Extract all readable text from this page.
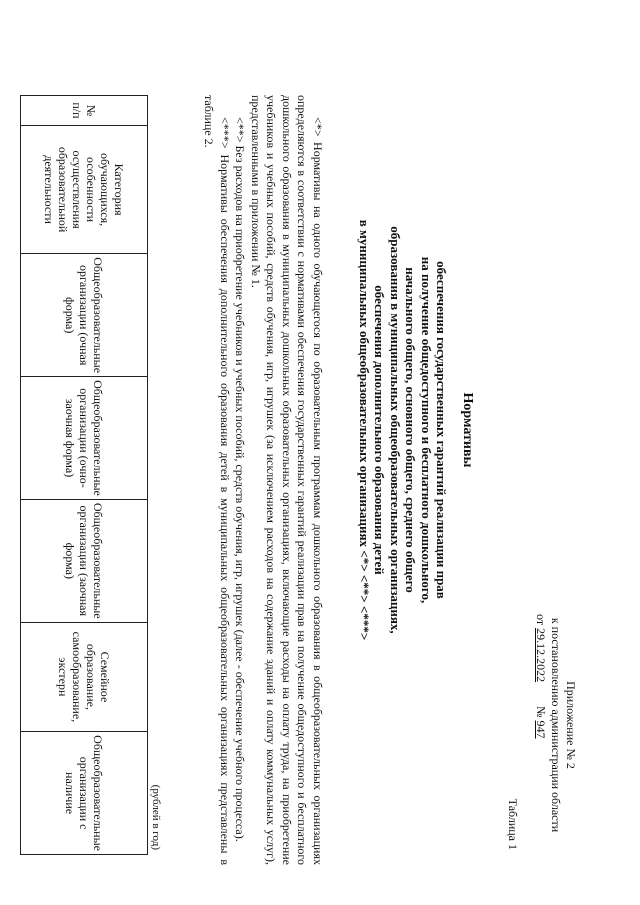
Приложение № 2
к постановлению администрации области
от 29.12.2022        № 947
Таблица 1
Нормативы
обеспечения государственных гарантий реализации прав
на получение общедоступного и бесплатного дошкольного,
начального общего, основного общего, среднего общего
образования в муниципальных общеобразовательных организациях,
обеспечения дополнительного образования детей
в муниципальных общеобразовательных организациях <*> <**> <***>

<*> Нормативы на одного обучающегося по образовательным программам дошкольного образования в общеобразовательных организациях определяются в соответствии с нормативами обеспечения государственных гарантий реализации прав на получение общедоступного и бесплатного дошкольного образования в муниципальных дошкольных образовательных организациях, включающие расходы на оплату труда, на приобретение учебников и учебных пособий, средств обучения, игр, игрушек (за исключением расходов на содержание зданий и оплату коммунальных услуг), представленными в приложении № 1.

<**> Без расходов на приобретение учебников и учебных пособий, средств обучения, игр, игрушек (далее - обеспечение учебного процесса).

<***> Нормативы обеспечения дополнительного образования детей в муниципальных общеобразовательных организациях представлены в таблице 2.

(рублей в год)
№ п/п	Категория обучающихся, особенности осуществления образовательной деятельности	Общеобразовательные организации (очная форма)	Общеобразовательные организации (очно-заочная форма)	Общеобразовательные организации (заочная форма)	Семейное образование, самообразование, экстерн	Общеобразовательные организации с наличие
